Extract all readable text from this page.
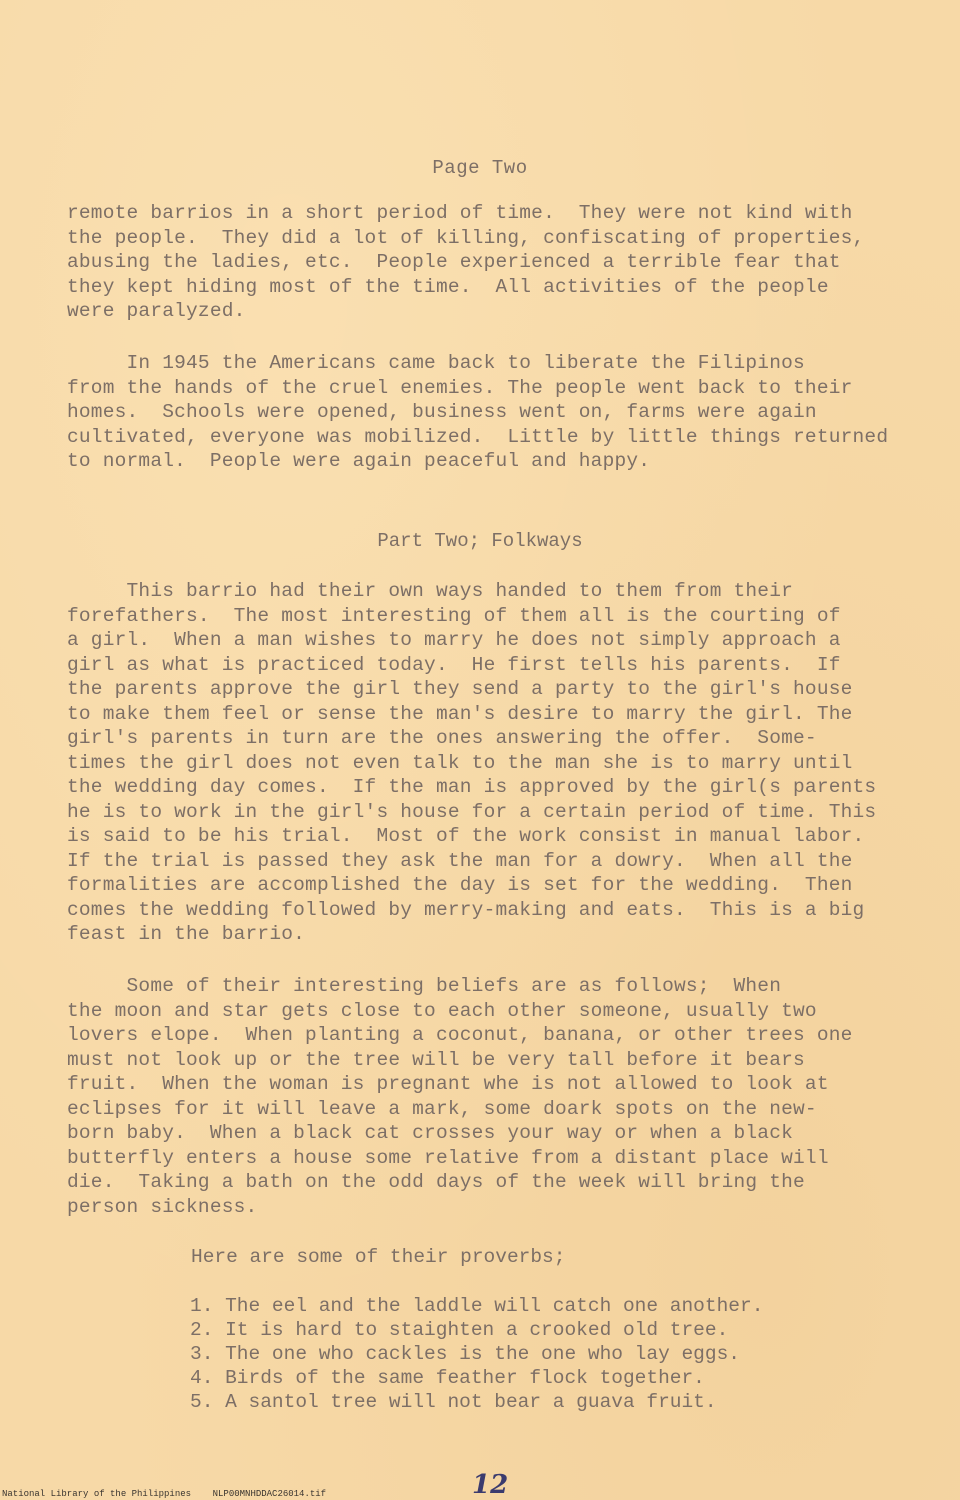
Page Two
remote barrios in a short period of time.  They were not kind with
the people.  They did a lot of killing, confiscating of properties,
abusing the ladies, etc.  People experienced a terrible fear that
they kept hiding most of the time.  All activities of the people
were paralyzed.
In 1945 the Americans came back to liberate the Filipinos
from the hands of the cruel enemies. The people went back to their
homes.  Schools were opened, business went on, farms were again
cultivated, everyone was mobilized.  Little by little things returned
to normal.  People were again peaceful and happy.
Part Two; Folkways
This barrio had their own ways handed to them from their
forefathers.  The most interesting of them all is the courting of
a girl.  When a man wishes to marry he does not simply approach a
girl as what is practiced today.  He first tells his parents.  If
the parents approve the girl they send a party to the girl's house
to make them feel or sense the man's desire to marry the girl. The
girl's parents in turn are the ones answering the offer.  Some-
times the girl does not even talk to the man she is to marry until
the wedding day comes.  If the man is approved by the girl(s parents
he is to work in the girl's house for a certain period of time. This
is said to be his trial.  Most of the work consist in manual labor.
If the trial is passed they ask the man for a dowry.  When all the
formalities are accomplished the day is set for the wedding.  Then
comes the wedding followed by merry-making and eats.  This is a big
feast in the barrio.
Some of their interesting beliefs are as follows;  When
the moon and star gets close to each other someone, usually two
lovers elope.  When planting a coconut, banana, or other trees one
must not look up or the tree will be very tall before it bears
fruit.  When the woman is pregnant whe is not allowed to look at
eclipses for it will leave a mark, some doark spots on the new-
born baby.  When a black cat crosses your way or when a black
butterfly enters a house some relative from a distant place will
die.  Taking a bath on the odd days of the week will bring the
person sickness.
Here are some of their proverbs;
1. The eel and the laddle will catch one another.
2. It is hard to staighten a crooked old tree.
3. The one who cackles is the one who lay eggs.
4. Birds of the same feather flock together.
5. A santol tree will not bear a guava fruit.
12
National Library of the Philippines    NLP00MNHDDAC26014.tif
